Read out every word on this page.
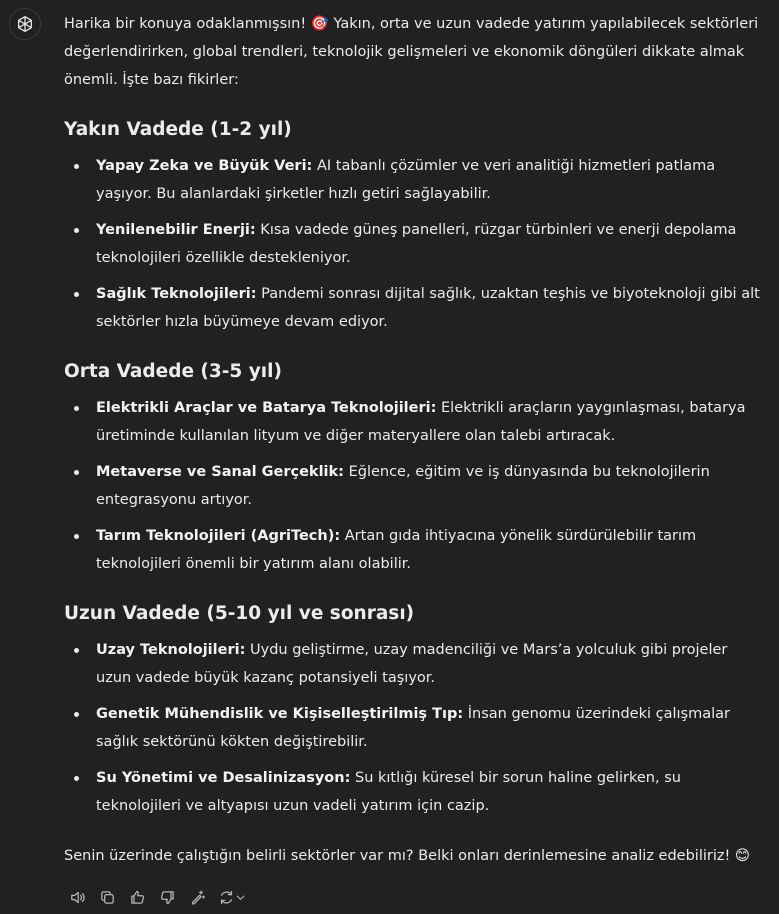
Harika bir konuya odaklanmışsın! 🎯 Yakın, orta ve uzun vadede yatırım yapılabilecek sektörleri değerlendirirken, global trendleri, teknolojik gelişmeleri ve ekonomik döngüleri dikkate almak önemli. İşte bazı fikirler:

Yakın Vadede (1-2 yıl)
Yapay Zeka ve Büyük Veri: AI tabanlı çözümler ve veri analitiği hizmetleri patlama yaşıyor. Bu alanlardaki şirketler hızlı getiri sağlayabilir.
Yenilenebilir Enerji: Kısa vadede güneş panelleri, rüzgar türbinleri ve enerji depolama teknolojileri özellikle destekleniyor.
Sağlık Teknolojileri: Pandemi sonrası dijital sağlık, uzaktan teşhis ve biyoteknoloji gibi alt sektörler hızla büyümeye devam ediyor.
Orta Vadede (3-5 yıl)
Elektrikli Araçlar ve Batarya Teknolojileri: Elektrikli araçların yaygınlaşması, batarya üretiminde kullanılan lityum ve diğer materyallere olan talebi artıracak.
Metaverse ve Sanal Gerçeklik: Eğlence, eğitim ve iş dünyasında bu teknolojilerin entegrasyonu artıyor.
Tarım Teknolojileri (AgriTech): Artan gıda ihtiyacına yönelik sürdürülebilir tarım teknolojileri önemli bir yatırım alanı olabilir.
Uzun Vadede (5-10 yıl ve sonrası)
Uzay Teknolojileri: Uydu geliştirme, uzay madenciliği ve Mars’a yolculuk gibi projeler uzun vadede büyük kazanç potansiyeli taşıyor.
Genetik Mühendislik ve Kişiselleştirilmiş Tıp: İnsan genomu üzerindeki çalışmalar sağlık sektörünü kökten değiştirebilir.
Su Yönetimi ve Desalinizasyon: Su kıtlığı küresel bir sorun haline gelirken, su teknolojileri ve altyapısı uzun vadeli yatırım için cazip.

Senin üzerinde çalıştığın belirli sektörler var mı? Belki onları derinlemesine analiz edebiliriz! 😊
